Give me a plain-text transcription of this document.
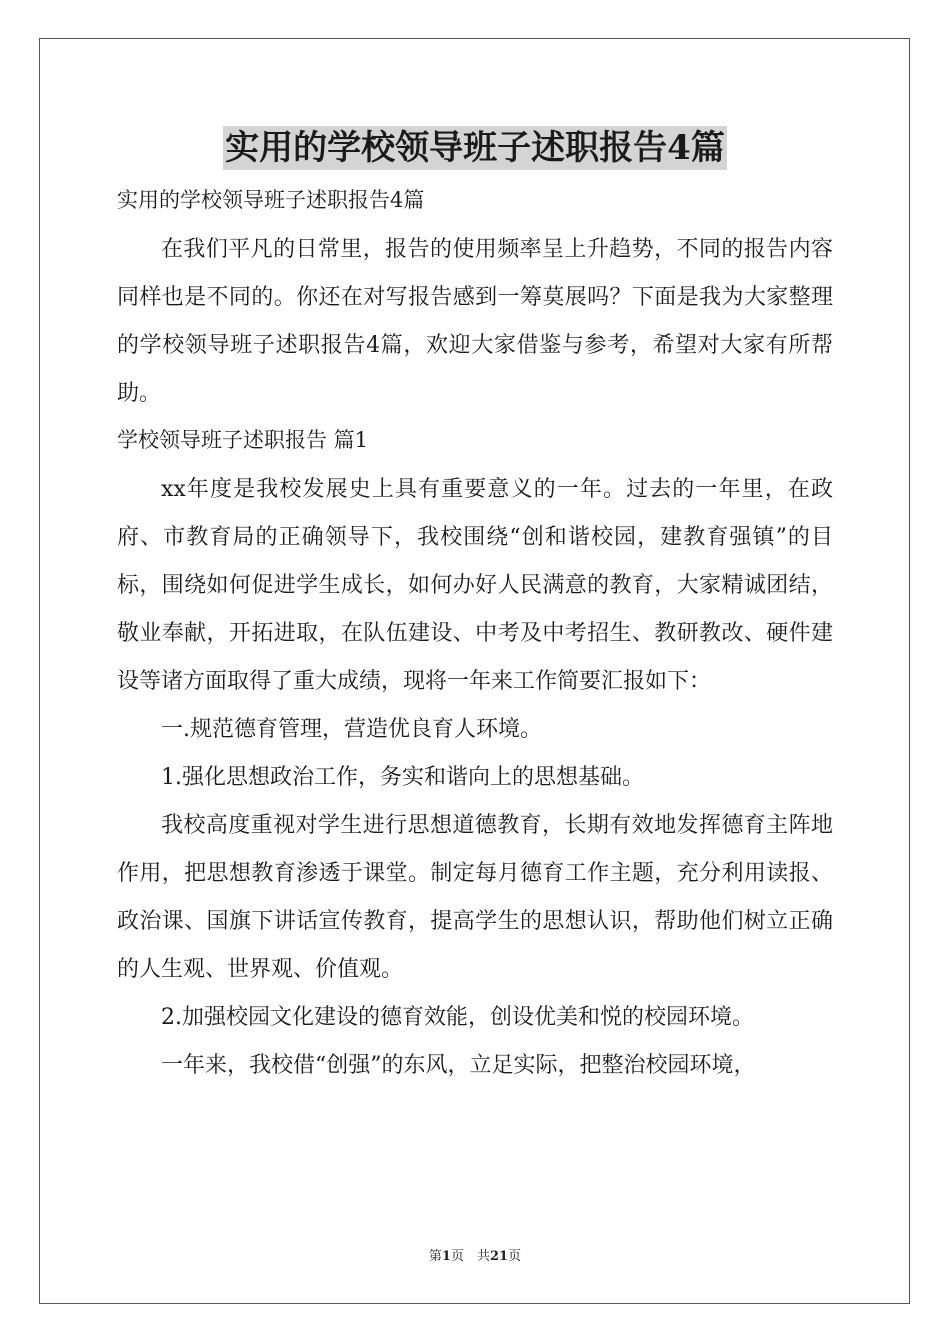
实用的学校领导班子述职报告4篇

实用的学校领导班子述职报告4篇

在我们平凡的日常里，报告的使用频率呈上升趋势，不同的报告内容同样也是不同的。你还在对写报告感到一筹莫展吗？下面是我为大家整理的学校领导班子述职报告4篇，欢迎大家借鉴与参考，希望对大家有所帮助。

学校领导班子述职报告 篇1

xx年度是我校发展史上具有重要意义的一年。过去的一年里，在政府、市教育局的正确领导下，我校围绕“创和谐校园，建教育强镇”的目标，围绕如何促进学生成长，如何办好人民满意的教育，大家精诚团结，敬业奉献，开拓进取，在队伍建设、中考及中考招生、教研教改、硬件建设等诸方面取得了重大成绩，现将一年来工作简要汇报如下：

一.规范德育管理，营造优良育人环境。

1.强化思想政治工作，务实和谐向上的思想基础。

我校高度重视对学生进行思想道德教育，长期有效地发挥德育主阵地作用，把思想教育渗透于课堂。制定每月德育工作主题，充分利用读报、政治课、国旗下讲话宣传教育，提高学生的思想认识，帮助他们树立正确的人生观、世界观、价值观。

2.加强校园文化建设的德育效能，创设优美和悦的校园环境。

一年来，我校借“创强”的东风，立足实际，把整治校园环境，

第1页　共21页
